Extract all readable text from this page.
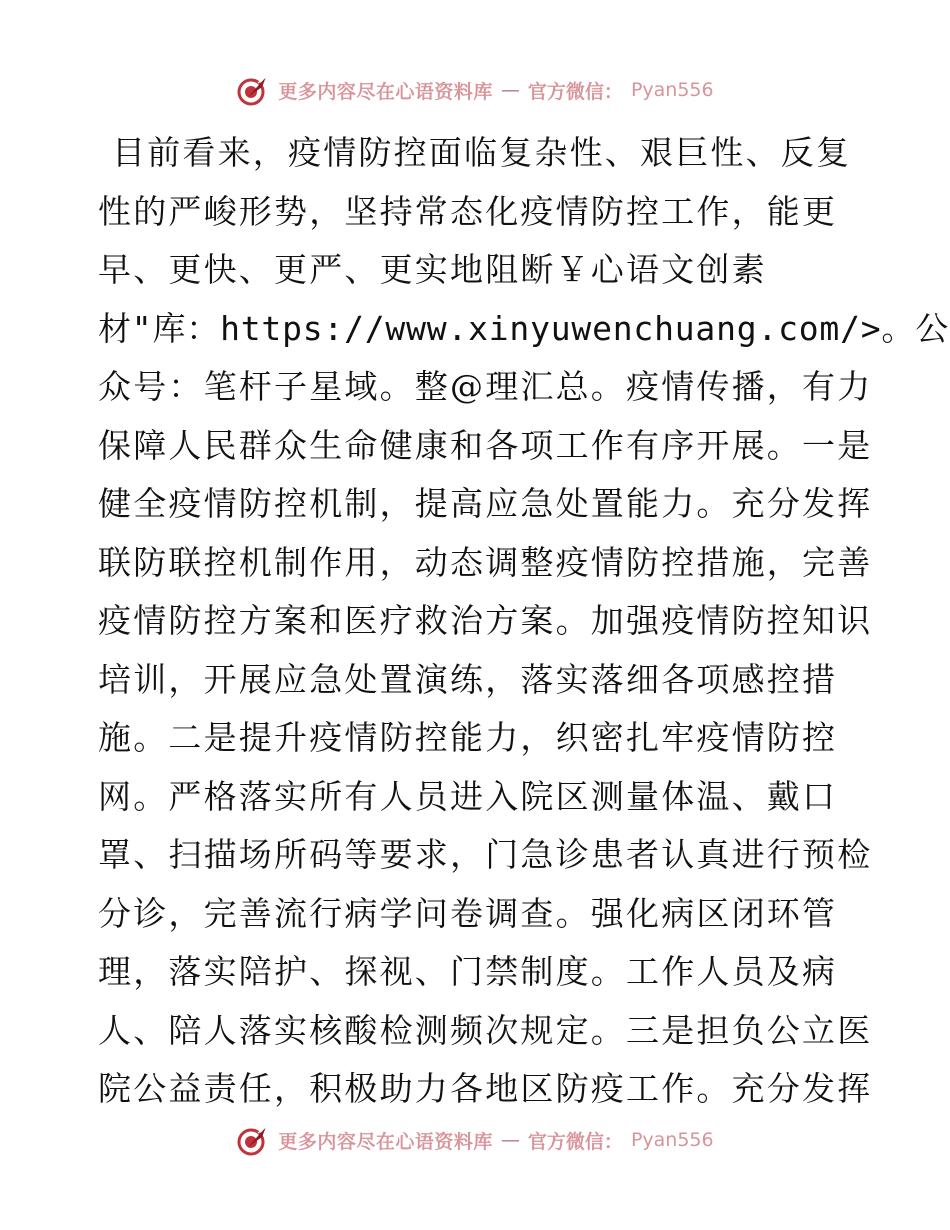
更多内容尽在心语资料库 — 官方微信： Pyan556
目前看来，疫情防控面临复杂性、艰巨性、反复
性的严峻形势，坚持常态化疫情防控工作，能更
早、更快、更严、更实地阻断￥心语文创素
材"库：https://www.xinyuwenchuang.com/>。公
众号：笔杆子星域。整@理汇总。疫情传播，有力
保障人民群众生命健康和各项工作有序开展。一是
健全疫情防控机制，提高应急处置能力。充分发挥
联防联控机制作用，动态调整疫情防控措施，完善
疫情防控方案和医疗救治方案。加强疫情防控知识
培训，开展应急处置演练，落实落细各项感控措
施。二是提升疫情防控能力，织密扎牢疫情防控
网。严格落实所有人员进入院区测量体温、戴口
罩、扫描场所码等要求，门急诊患者认真进行预检
分诊，完善流行病学问卷调查。强化病区闭环管
理，落实陪护、探视、门禁制度。工作人员及病
人、陪人落实核酸检测频次规定。三是担负公立医
院公益责任，积极助力各地区防疫工作。充分发挥
更多内容尽在心语资料库 — 官方微信： Pyan556
